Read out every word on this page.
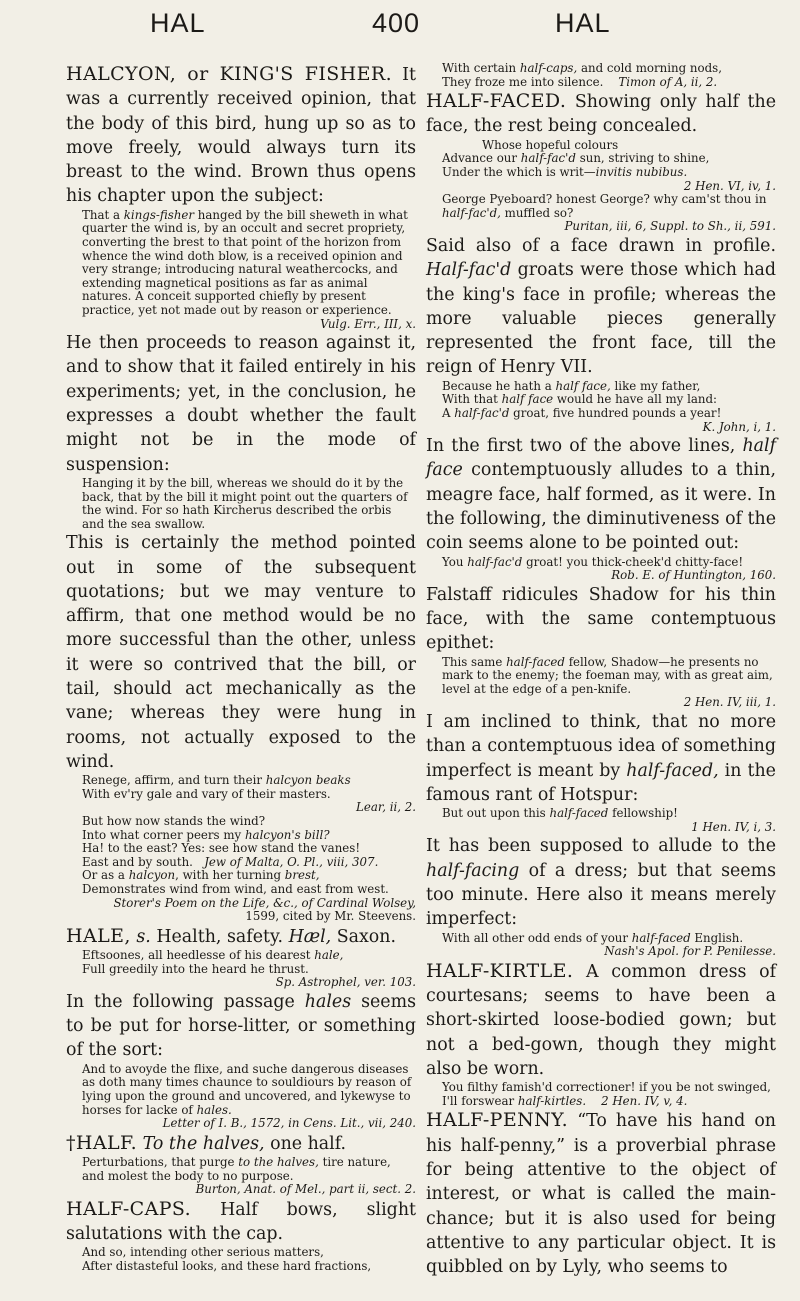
HAL	400	HAL

HALCYON, or KING'S FISHER. It was a currently received opinion, that the body of this bird, hung up so as to move freely, would always turn its breast to the wind. Brown thus opens his chapter upon the subject:

That a kings-fisher hanged by the bill sheweth in what quarter the wind is, by an occult and secret propriety, converting the brest to that point of the horizon from whence the wind doth blow, is a received opinion and very strange; introducing natural weathercocks, and extending magnetical positions as far as animal natures. A conceit supported chiefly by present practice, yet not made out by reason or experience.
Vulg. Err., III, x.

He then proceeds to reason against it, and to show that it failed entirely in his experiments; yet, in the conclusion, he expresses a doubt whether the fault might not be in the mode of suspension:

Hanging it by the bill, whereas we should do it by the back, that by the bill it might point out the quarters of the wind. For so hath Kircherus described the orbis and the sea swallow.

This is certainly the method pointed out in some of the subsequent quotations; but we may venture to affirm, that one method would be no more successful than the other, unless it were so contrived that the bill, or tail, should act mechanically as the vane; whereas they were hung in rooms, not actually exposed to the wind.

Renege, affirm, and turn their halcyon beaks
With ev'ry gale and vary of their masters.
Lear, ii, 2.
But how now stands the wind?
Into what corner peers my halcyon's bill?
Ha! to the east? Yes: see how stand the vanes!
East and by south. Jew of Malta, O. Pl., viii, 307.
Or as a halcyon, with her turning brest,
Demonstrates wind from wind, and east from west.
Storer's Poem on the Life, &c., of Cardinal Wolsey,
1599, cited by Mr. Steevens.

HALE, s. Health, safety. Hæl, Saxon.

Eftsoones, all heedlesse of his dearest hale,
Full greedily into the heard he thrust.
Sp. Astrophel, ver. 103.

In the following passage hales seems to be put for horse-litter, or something of the sort:

And to avoyde the flixe, and suche dangerous diseases as doth many times chaunce to souldiours by reason of lying upon the ground and uncovered, and lykewyse to horses for lacke of hales.
Letter of I. B., 1572, in Cens. Lit., vii, 240.

†HALF. To the halves, one half.

Perturbations, that purge to the halves, tire nature, and molest the body to no purpose.
Burton, Anat. of Mel., part ii, sect. 2.

HALF-CAPS. Half bows, slight salutations with the cap.

And so, intending other serious matters,
After distasteful looks, and these hard fractions,

With certain half-caps, and cold morning nods,
They froze me into silence. Timon of A, ii, 2.

HALF-FACED. Showing only half the face, the rest being concealed.

Whose hopeful colours
Advance our half-fac'd sun, striving to shine,
Under the which is writ—invitis nubibus.
2 Hen. VI, iv, 1.
George Pyeboard? honest George? why cam'st thou in half-fac'd, muffled so?
Puritan, iii, 6, Suppl. to Sh., ii, 591.

Said also of a face drawn in profile. Half-fac'd groats were those which had the king's face in profile; whereas the more valuable pieces generally represented the front face, till the reign of Henry VII.

Because he hath a half face, like my father,
With that half face would he have all my land:
A half-fac'd groat, five hundred pounds a year!
K. John, i, 1.

In the first two of the above lines, half face contemptuously alludes to a thin, meagre face, half formed, as it were. In the following, the diminutiveness of the coin seems alone to be pointed out:

You half-fac'd groat! you thick-cheek'd chitty-face!
Rob. E. of Huntington, 160.

Falstaff ridicules Shadow for his thin face, with the same contemptuous epithet:

This same half-faced fellow, Shadow—he presents no mark to the enemy; the foeman may, with as great aim, level at the edge of a pen-knife.
2 Hen. IV, iii, 1.

I am inclined to think, that no more than a contemptuous idea of something imperfect is meant by half-faced, in the famous rant of Hotspur:

But out upon this half-faced fellowship!
1 Hen. IV, i, 3.

It has been supposed to allude to the half-facing of a dress; but that seems too minute. Here also it means merely imperfect:

With all other odd ends of your half-faced English.
Nash's Apol. for P. Penilesse.

HALF-KIRTLE. A common dress of courtesans; seems to have been a short-skirted loose-bodied gown; but not a bed-gown, though they might also be worn.

You filthy famish'd correctioner! if you be not swinged,
I'll forswear half-kirtles. 2 Hen. IV, v, 4.

HALF-PENNY. “To have his hand on his half-penny,” is a proverbial phrase for being attentive to the object of interest, or what is called the main-chance; but it is also used for being attentive to any particular object. It is quibbled on by Lyly, who seems to
